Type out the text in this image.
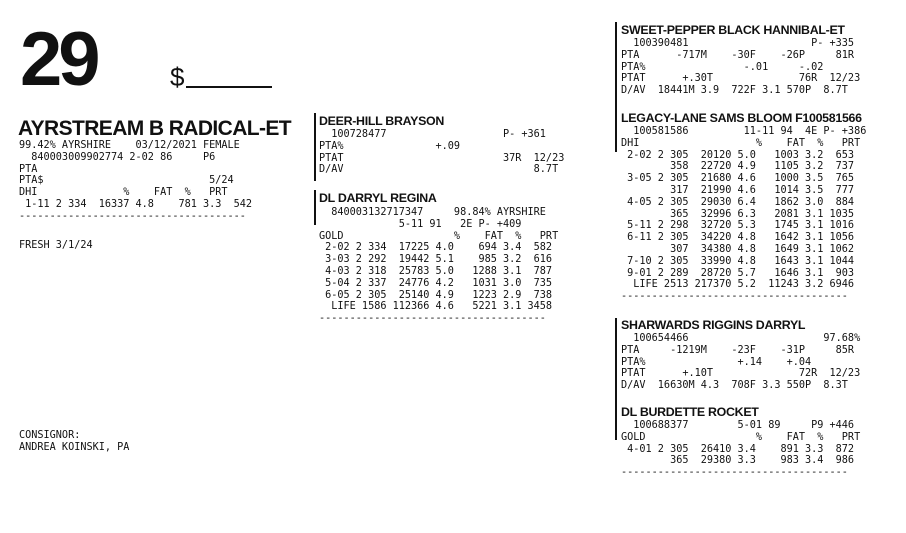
29	$
AYRSTREAM B RADICAL-ET
99.42% AYRSHIRE    03/12/2021 FEMALE
840003009902774 2-02 86     P6
PTA
PTA$                           5/24
DHI              %    FAT  %   PRT
1-11 2 334  16337 4.8    781 3.3  542
-------------------------------------
FRESH 3/1/24
CONSIGNOR:
ANDREA KOINSKI, PA
DEER-HILL BRAYSON
100728477                   P- +361
PTA%               +.09
PTAT                          37R  12/23
D/AV                               8.7T
DL DARRYL REGINA
840003132717347     98.84% AYRSHIRE
5-11 91   2E P- +409
GOLD                  %    FAT  %   PRT
2-02 2 334  17225 4.0    694 3.4  582
3-03 2 292  19442 5.1    985 3.2  616
4-03 2 318  25783 5.0   1288 3.1  787
5-04 2 337  24776 4.2   1031 3.0  735
6-05 2 305  25140 4.9   1223 2.9  738
LIFE 1586 112366 4.6   5221 3.1 3458
-------------------------------------
SWEET-PEPPER BLACK HANNIBAL-ET
100390481                    P- +335
PTA      -717M    -30F    -26P     81R
PTA%                -.01     -.02
PTAT      +.30T              76R  12/23
D/AV  18441M 3.9  722F 3.1 570P  8.7T
LEGACY-LANE SAMS BLOOM F100581566
100581586         11-11 94  4E P- +386
DHI                   %    FAT  %   PRT
2-02 2 305  20120 5.0   1003 3.2  653
358  22720 4.9   1105 3.2  737
3-05 2 305  21680 4.6   1000 3.5  765
317  21990 4.6   1014 3.5  777
4-05 2 305  29030 6.4   1862 3.0  884
365  32996 6.3   2081 3.1 1035
5-11 2 298  32720 5.3   1745 3.1 1016
6-11 2 305  34220 4.8   1642 3.1 1056
307  34380 4.8   1649 3.1 1062
7-10 2 305  33990 4.8   1643 3.1 1044
9-01 2 289  28720 5.7   1646 3.1  903
LIFE 2513 217370 5.2  11243 3.2 6946
-------------------------------------
SHARWARDS RIGGINS DARRYL
100654466                      97.68%
PTA     -1219M    -23F    -31P     85R
PTA%               +.14    +.04
PTAT      +.10T              72R  12/23
D/AV  16630M 4.3  708F 3.3 550P  8.3T
DL BURDETTE ROCKET
100688377        5-01 89     P9 +446
GOLD                  %    FAT  %   PRT
4-01 2 305  26410 3.4    891 3.3  872
365  29380 3.3    983 3.4  986
-------------------------------------
